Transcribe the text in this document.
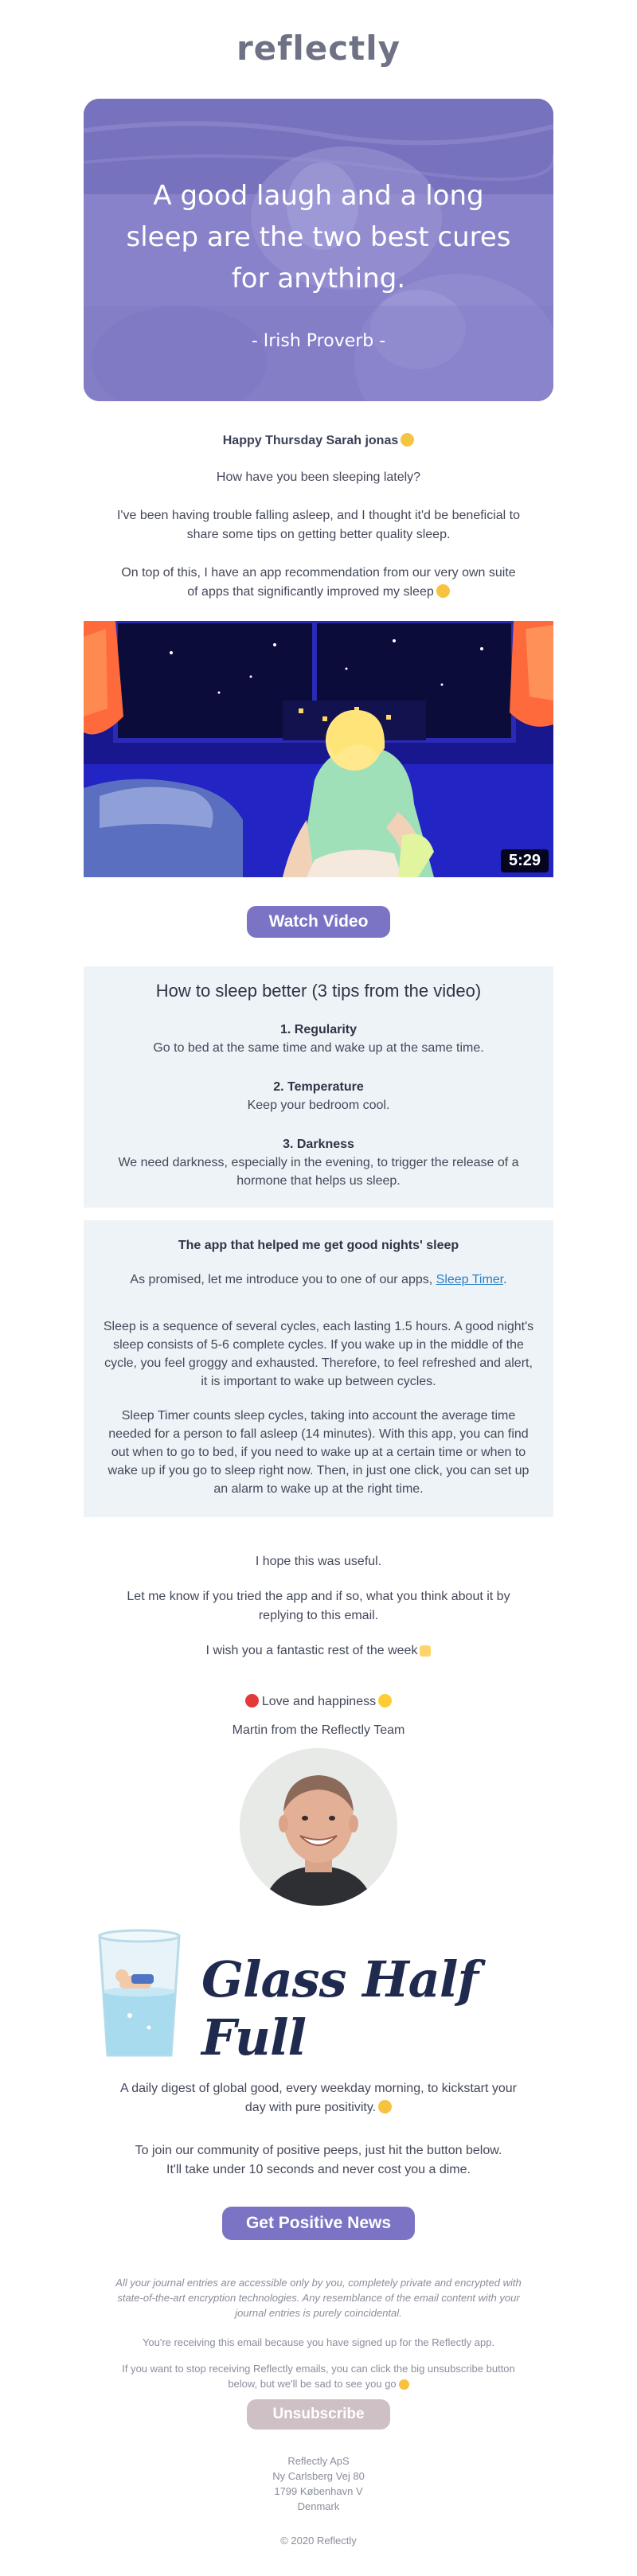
reflectly
A good laugh and a long sleep are the two best cures for anything.
- Irish Proverb -

Happy Thursday Sarah jonas

How have you been sleeping lately?

I've been having trouble falling asleep, and I thought it'd be beneficial to share some tips on getting better quality sleep.

On top of this, I have an app recommendation from our very own suite of apps that significantly improved my sleep

5:29
Watch Video
How to sleep better (3 tips from the video)
1. Regularity
Go to bed at the same time and wake up at the same time.
2. Temperature
Keep your bedroom cool.
3. Darkness
We need darkness, especially in the evening, to trigger the release of a hormone that helps us sleep.
The app that helped me get good nights' sleep

As promised, let me introduce you to one of our apps, Sleep Timer.

Sleep is a sequence of several cycles, each lasting 1.5 hours. A good night's sleep consists of 5-6 complete cycles. If you wake up in the middle of the cycle, you feel groggy and exhausted. Therefore, to feel refreshed and alert, it is important to wake up between cycles.

Sleep Timer counts sleep cycles, taking into account the average time needed for a person to fall asleep (14 minutes). With this app, you can find out when to go to bed, if you need to wake up at a certain time or when to wake up if you go to sleep right now. Then, in just one click, you can set up an alarm to wake up at the right time.

I hope this was useful.

Let me know if you tried the app and if so, what you think about it by replying to this email.

I wish you a fantastic rest of the week

Love and happiness

Martin from the Reflectly Team

Glass Half Full

A daily digest of global good, every weekday morning, to kickstart your day with pure positivity.

To join our community of positive peeps, just hit the button below.
It'll take under 10 seconds and never cost you a dime.

Get Positive News
All your journal entries are accessible only by you, completely private and encrypted with state-of-the-art encryption technologies. Any resemblance of the email content with your journal entries is purely coincidental.

You're receiving this email because you have signed up for the Reflectly app.

If you want to stop receiving Reflectly emails, you can click the big unsubscribe button below, but we'll be sad to see you go

Unsubscribe
Reflectly ApS
Ny Carlsberg Vej 80
1799 København V
Denmark
© 2020 Reflectly
